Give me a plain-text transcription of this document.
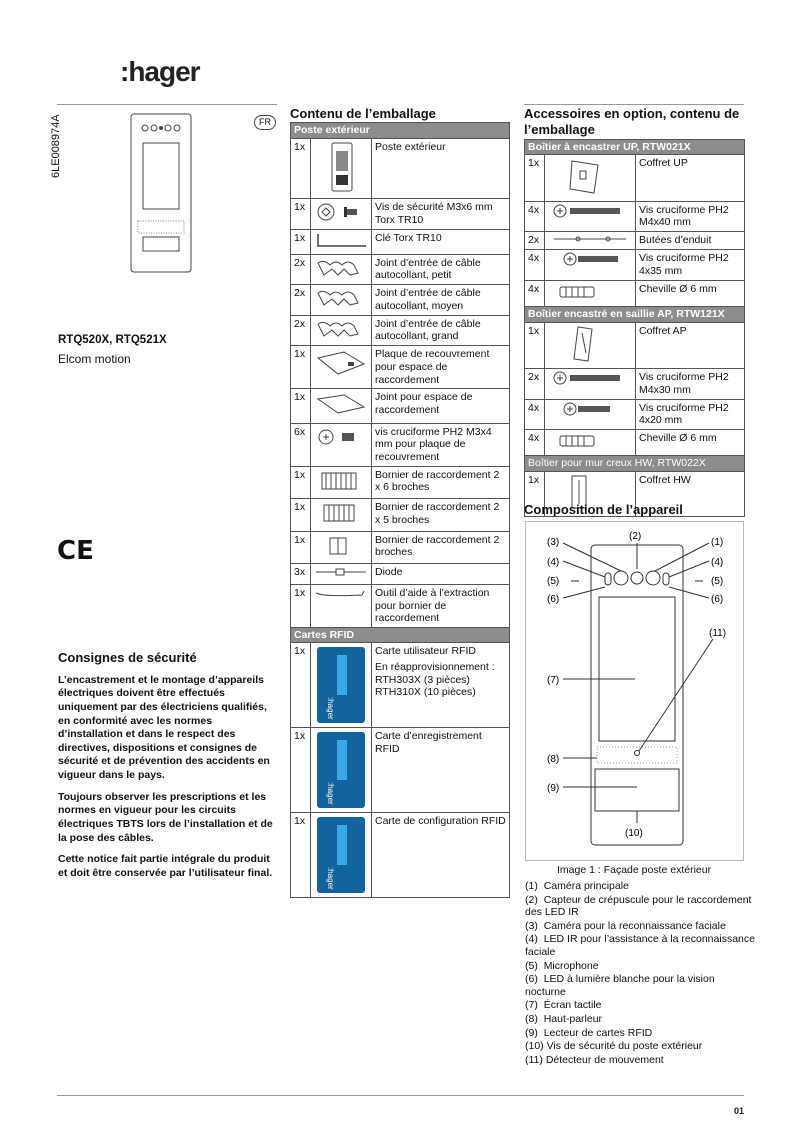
:hager
FR
6LE008974A
RTQ520X, RTQ521X
Elcom motion
CE
Consignes de sécurité

L’encastrement et le montage d’appareils électriques doivent être effectués uniquement par des électriciens qualifiés, en conformité avec les normes d’installation et dans le respect des directives, dispositions et consignes de sécurité et de prévention des accidents en vigueur dans le pays.

Toujours observer les prescriptions et les normes en vigueur pour les circuits électriques TBTS lors de l’installation et de la pose des câbles.

Cette notice fait partie intégrale du produit et doit être conservée par l’utilisateur final.

Contenu de l’emballage
Poste extérieur		
1x		Poste extérieur
1x		Vis de sécurité M3x6 mm Torx TR10
1x		Clé Torx TR10
2x		Joint d’entrée de câble autocollant, petit
2x		Joint d’entrée de câble autocollant, moyen
2x		Joint d’entrée de câble autocollant, grand
1x		Plaque de recouvrement pour espace de raccordement
1x		Joint pour espace de raccordement
6x		vis cruciforme PH2 M3x4 mm pour plaque de recouvrement
1x		Bornier de raccordement 2 x 6 broches
1x		Bornier de raccordement 2 x 5 broches
1x		Bornier de raccordement 2 broches
3x		Diode
1x		Outil d’aide à l’extraction pour bornier de raccordement
Cartes RFID		
1x	:hager	Carte utilisateur RFID
En réapprovisionnement : RTH303X (3 pièces) RTH310X (10 pièces)

1x	:hager	Carte d’enregistrement RFID
1x	:hager	Carte de configuration RFID
Accessoires en option, contenu de l’emballage
Boîtier à encastrer UP, RTW021X		
1x		Coffret UP
4x		Vis cruciforme PH2 M4x40 mm
2x		Butées d’enduit
4x		Vis cruciforme PH2 4x35 mm
4x		Cheville Ø 6 mm
Boîtier encastré en saillie AP, RTW121X		
1x		Coffret AP
2x		Vis cruciforme PH2 M4x30 mm
4x		Vis cruciforme PH2 4x20 mm
4x		Cheville Ø 6 mm
Boîtier pour mur creux HW, RTW022X		
1x		Coffret HW
Composition de l’appareil
(3)
(2)
(1)
(4)	(4)
(5)	(5)
(6)	(6)
(11)
(7)
(8)
(9)
(10)
Image 1 : Façade poste extérieur
(1) Caméra principale
(2) Capteur de crépuscule pour le raccordement des LED IR
(3) Caméra pour la reconnaissance faciale
(4) LED IR pour l’assistance à la reconnaissance faciale
(5) Microphone
(6) LED à lumière blanche pour la vision nocturne
(7) Écran tactile
(8) Haut-parleur
(9) Lecteur de cartes RFID
(10) Vis de sécurité du poste extérieur
(11) Détecteur de mouvement
01
